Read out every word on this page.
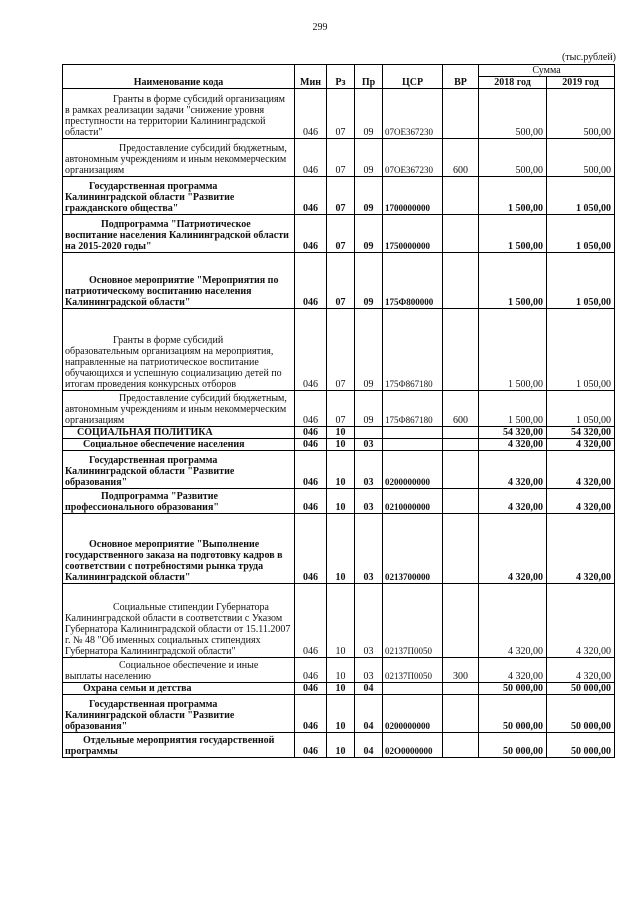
299
(тыс.рублей)
Наименование кода	Мин	Рз	Пр	ЦСР	ВР	Сумма	
						2018 год	2019 год

Гранты в форме субсидий организациям в рамках реализации задачи "снижение уровня преступности на территории Калининградской области"	046	07	09	07ОЕ367230		500,00	500,00

Предоставление субсидий бюджетным, автономным учреждениям и иным некоммерческим организациям	046	07	09	07ОЕ367230	600	500,00	500,00

Государственная программа Калининградской области "Развитие гражданского общества"	046	07	09	1700000000		1 500,00	1 050,00

Подпрограмма "Патриотическое воспитание населения Калининградской области на 2015-2020 годы"	046	07	09	1750000000		1 500,00	1 050,00

Основное мероприятие "Мероприятия по патриотическому воспитанию населения Калининградской области"	046	07	09	175Ф800000		1 500,00	1 050,00

Гранты в форме субсидий образовательным организациям на мероприятия, направленные на патриотическое воспитание обучающихся и успешную социализацию детей по итогам проведения конкурсных отборов	046	07	09	175Ф867180		1 500,00	1 050,00

Предоставление субсидий бюджетным, автономным учреждениям и иным некоммерческим организациям	046	07	09	175Ф867180	600	1 500,00	1 050,00

СОЦИАЛЬНАЯ ПОЛИТИКА	046	10				54 320,00	54 320,00

Социальное обеспечение населения	046	10	03			4 320,00	4 320,00

Государственная программа Калининградской области "Развитие образования"	046	10	03	0200000000		4 320,00	4 320,00

Подпрограмма "Развитие профессионального образования"	046	10	03	0210000000		4 320,00	4 320,00

Основное мероприятие "Выполнение государственного заказа на подготовку кадров в соответствии с потребностями рынка труда Калининградской области"	046	10	03	0213700000		4 320,00	4 320,00

Социальные стипендии Губернатора Калининградской области в соответствии с Указом Губернатора Калининградской области от 15.11.2007 г. № 48 "Об именных социальных стипендиях Губернатора Калининградской области"	046	10	03	02137П0050		4 320,00	4 320,00

Социальное обеспечение и иные выплаты населению	046	10	03	02137П0050	300	4 320,00	4 320,00

Охрана семьи и детства	046	10	04			50 000,00	50 000,00

Государственная программа Калининградской области "Развитие образования"	046	10	04	0200000000		50 000,00	50 000,00

Отдельные мероприятия государственной программы	046	10	04	02О0000000		50 000,00	50 000,00
